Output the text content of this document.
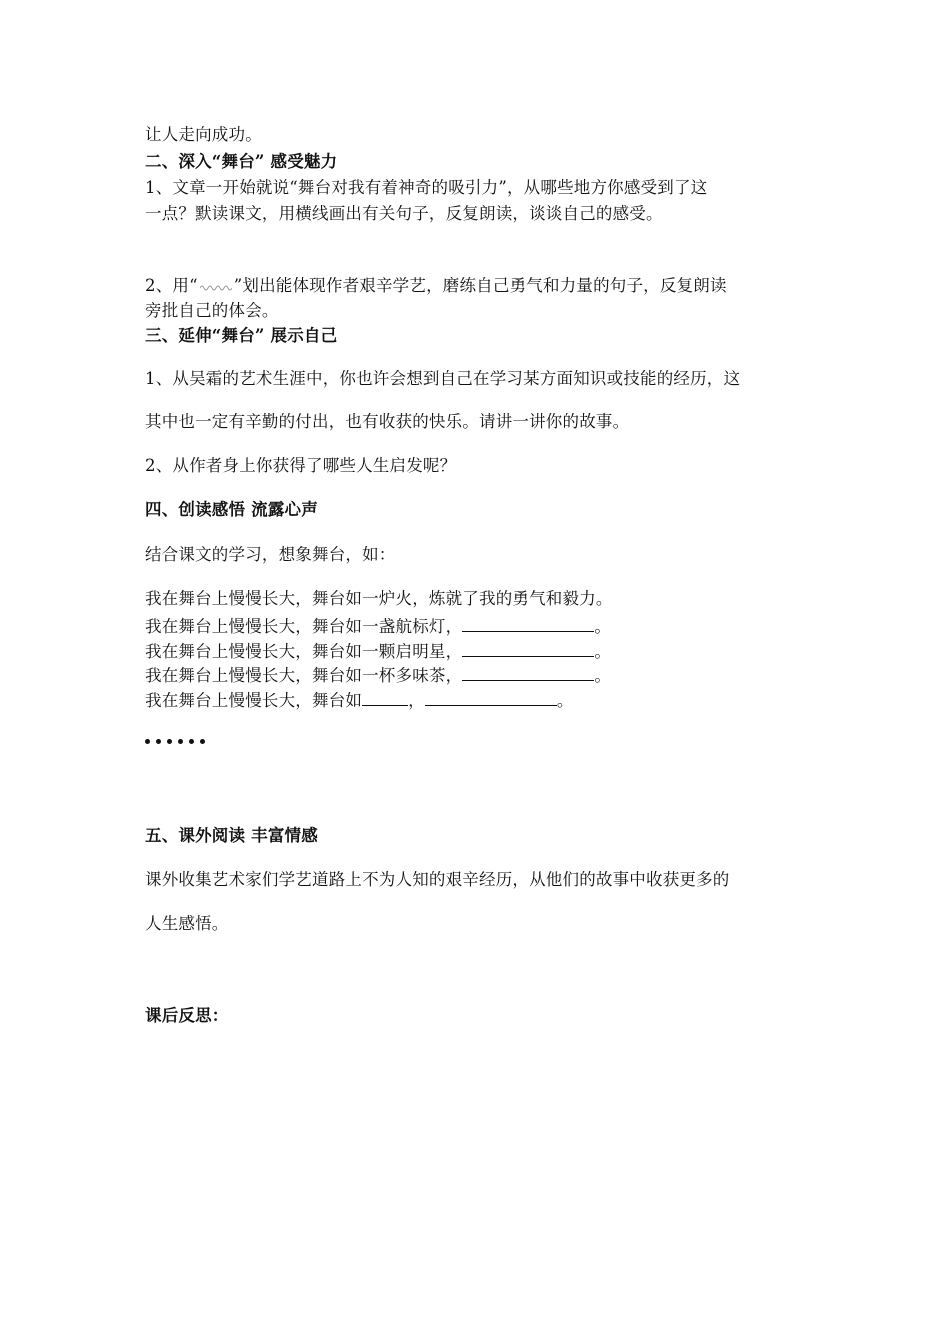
让人走向成功。
二、深入“舞台” 感受魅力
1、文章一开始就说“舞台对我有着神奇的吸引力”，从哪些地方你感受到了这
一点？默读课文，用横线画出有关句子，反复朗读，谈谈自己的感受。
2、用“ ”划出能体现作者艰辛学艺，磨练自己勇气和力量的句子，反复朗读
旁批自己的体会。
三、延伸“舞台” 展示自己
1、从吴霜的艺术生涯中，你也许会想到自己在学习某方面知识或技能的经历，这
其中也一定有辛勤的付出，也有收获的快乐。请讲一讲你的故事。
2、从作者身上你获得了哪些人生启发呢？
四、创读感悟 流露心声
结合课文的学习，想象舞台，如：
我在舞台上慢慢长大，舞台如一炉火，炼就了我的勇气和毅力。
我在舞台上慢慢长大，舞台如一盏航标灯，	。
我在舞台上慢慢长大，舞台如一颗启明星，	。
我在舞台上慢慢长大，舞台如一杯多味茶，	。
我在舞台上慢慢长大，舞台如	，	。
五、课外阅读 丰富情感
课外收集艺术家们学艺道路上不为人知的艰辛经历，从他们的故事中收获更多的
人生感悟。
课后反思：
